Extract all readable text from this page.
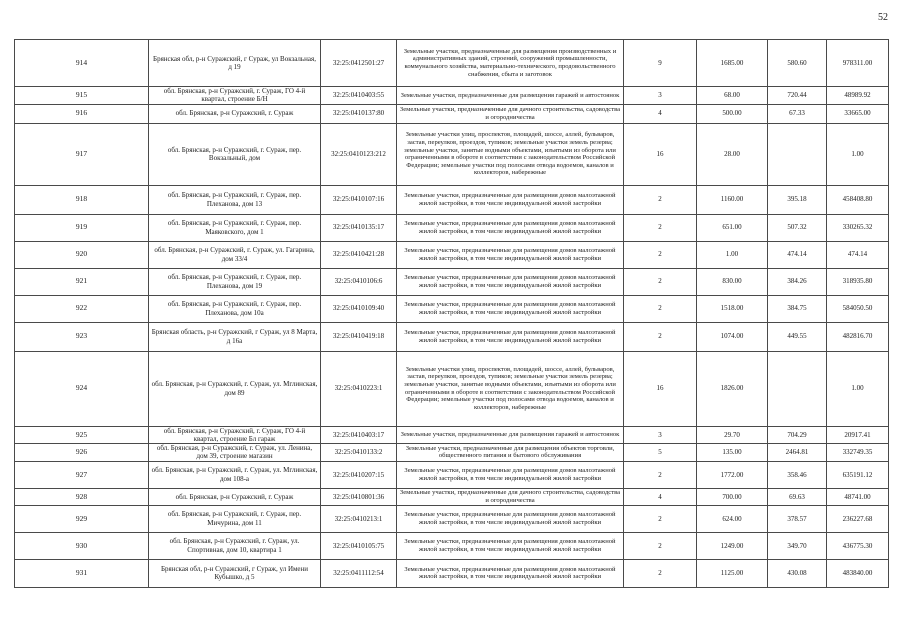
52
914	Брянская обл, р-н Суражский, г Сураж, ул Вокзальная, д 19	32:25:0412501:27	Земельные участки, предназначенные для размещения производственных и административных зданий, строений, сооружений промышленности, коммунального хозяйства, материально-технического, продовольственного снабжения, сбыта и заготовок	9	1685.00	580.60	978311.00
915	обл. Брянская, р-н Суражский, г. Сураж, ГО 4-й квартал, строение Б/Н	32:25:0410403:55	Земельные участки, предназначенные для размещения гаражей и автостоянок	3	68.00	720.44	48989.92
916	обл. Брянская, р-н Суражский, г. Сураж	32:25:0410137:80	Земельные участки, предназначенные для дачного строительства, садоводства и огородничества	4	500.00	67.33	33665.00
917	обл. Брянская, р-н Суражский, г. Сураж, пер. Вокзальный, дом	32:25:0410123:212	Земельные участки улиц, проспектов, площадей, шоссе, аллей, бульваров, застав, переулков, проездов, тупиков; земельные участки земель резерва; земельные участки, занятые водными объектами, изъятыми из оборота или ограниченными в обороте в соответствии с законодательством Российской Федерации; земельные участки под полосами отвода водоемов, каналов и коллекторов, набережные	16	28.00		1.00
918	обл. Брянская, р-н Суражский, г. Сураж, пер. Плеханова, дом 13	32:25:0410107:16	Земельные участки, предназначенные для размещения домов малоэтажной жилой застройки, в том числе индивидуальной жилой застройки	2	1160.00	395.18	458408.80
919	обл. Брянская, р-н Суражский, г. Сураж, пер. Маяковского, дом 1	32:25:0410135:17	Земельные участки, предназначенные для размещения домов малоэтажной жилой застройки, в том числе индивидуальной жилой застройки	2	651.00	507.32	330265.32
920	обл. Брянская, р-н Суражский, г. Сураж, ул. Гагарина, дом 33/4	32:25:0410421:28	Земельные участки, предназначенные для размещения домов малоэтажной жилой застройки, в том числе индивидуальной жилой застройки	2	1.00	474.14	474.14
921	обл. Брянская, р-н Суражский, г. Сураж, пер. Плеханова, дом 19	32:25:0410106:6	Земельные участки, предназначенные для размещения домов малоэтажной жилой застройки, в том числе индивидуальной жилой застройки	2	830.00	384.26	318935.80
922	обл. Брянская, р-н Суражский, г. Сураж, пер. Плеханова, дом 10а	32:25:0410109:40	Земельные участки, предназначенные для размещения домов малоэтажной жилой застройки, в том числе индивидуальной жилой застройки	2	1518.00	384.75	584050.50
923	Брянская область, р-н Суражский, г Сураж, ул 8 Марта, д 16а	32:25:0410419:18	Земельные участки, предназначенные для размещения домов малоэтажной жилой застройки, в том числе индивидуальной жилой застройки	2	1074.00	449.55	482816.70
924	обл. Брянская, р-н Суражский, г. Сураж, ул. Мглинская, дом 89	32:25:0410223:1	Земельные участки улиц, проспектов, площадей, шоссе, аллей, бульваров, застав, переулков, проездов, тупиков; земельные участки земель резерва; земельные участки, занятые водными объектами, изъятыми из оборота или ограниченными в обороте в соответствии с законодательством Российской Федерации; земельные участки под полосами отвода водоемов, каналов и коллекторов, набережные	16	1826.00		1.00
925	обл. Брянская, р-н Суражский, г. Сураж, ГО 4-й квартал, строение Бл гараж	32:25:0410403:17	Земельные участки, предназначенные для размещения гаражей и автостоянок	3	29.70	704.29	20917.41
926	обл. Брянская, р-н Суражский, г. Сураж, ул. Ленина, дом 39, строение магазин	32:25:0410133:2	Земельные участки, предназначенные для размещения объектов торговли, общественного питания и бытового обслуживания	5	135.00	2464.81	332749.35
927	обл. Брянская, р-н Суражский, г. Сураж, ул. Мглинская, дом 108-а	32:25:0410207:15	Земельные участки, предназначенные для размещения домов малоэтажной жилой застройки, в том числе индивидуальной жилой застройки	2	1772.00	358.46	635191.12
928	обл. Брянская, р-н Суражский, г. Сураж	32:25:0410801:36	Земельные участки, предназначенные для дачного строительства, садоводства и огородничества	4	700.00	69.63	48741.00
929	обл. Брянская, р-н Суражский, г. Сураж, пер. Мичурина, дом 11	32:25:0410213:1	Земельные участки, предназначенные для размещения домов малоэтажной жилой застройки, в том числе индивидуальной жилой застройки	2	624.00	378.57	236227.68
930	обл. Брянская, р-н Суражский, г. Сураж, ул. Спортивная, дом 10, квартира 1	32:25:0410105:75	Земельные участки, предназначенные для размещения домов малоэтажной жилой застройки, в том числе индивидуальной жилой застройки	2	1249.00	349.70	436775.30
931	Брянская обл, р-н Суражский, г Сураж, ул Имени Кубышко, д 5	32:25:0411112:54	Земельные участки, предназначенные для размещения домов малоэтажной жилой застройки, в том числе индивидуальной жилой застройки	2	1125.00	430.08	483840.00
